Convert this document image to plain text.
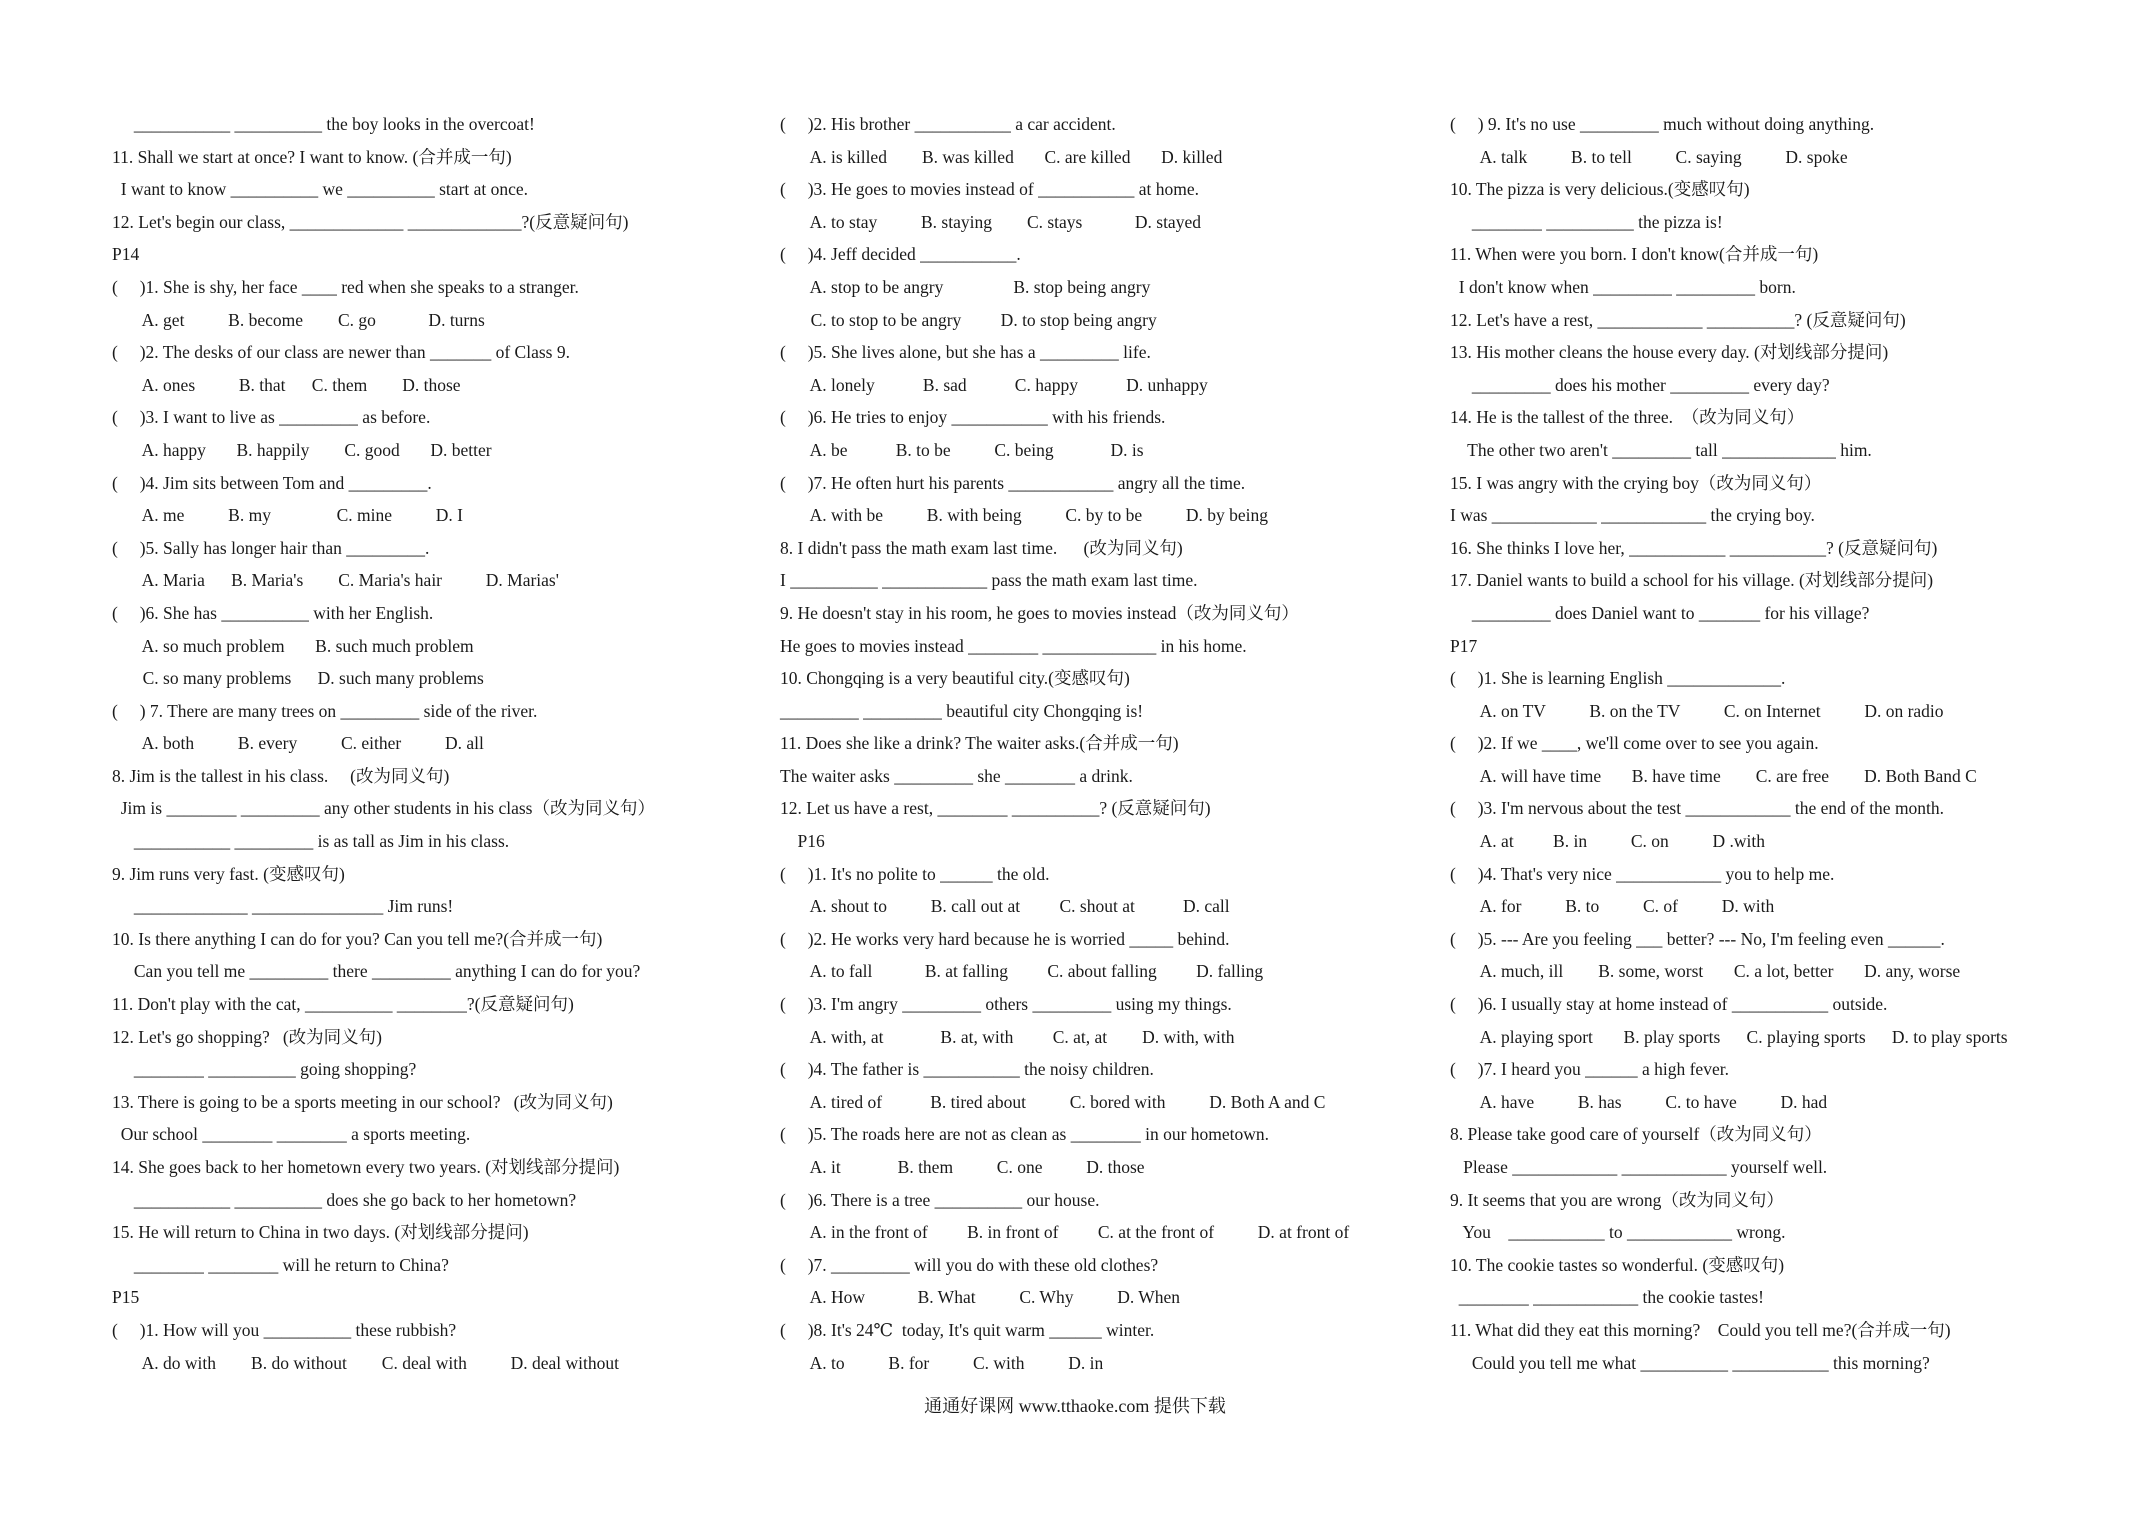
___________ __________ the boy looks in the overcoat!
11. Shall we start at once? I want to know. (合并成一句)
I want to know __________ we __________ start at once.
12. Let's begin our class, _____________ _____________?(反意疑问句)
P14
(     )1. She is shy, her face ____ red when she speaks to a stranger.
A. get          B. become        C. go            D. turns
(     )2. The desks of our class are newer than _______ of Class 9.
A. ones          B. that      C. them        D. those
(     )3. I want to live as _________ as before.
A. happy       B. happily        C. good       D. better
(     )4. Jim sits between Tom and _________.
A. me          B. my               C. mine          D. I
(     )5. Sally has longer hair than _________.
A. Maria      B. Maria's        C. Maria's hair          D. Marias'
(     )6. She has __________ with her English.
A. so much problem       B. such much problem
C. so many problems      D. such many problems
(     ) 7. There are many trees on _________ side of the river.
A. both          B. every          C. either          D. all
8. Jim is the tallest in his class.     (改为同义句)
Jim is ________ _________ any other students in his class（改为同义句）
___________ _________ is as tall as Jim in his class.
9. Jim runs very fast. (变感叹句)
_____________ _______________ Jim runs!
10. Is there anything I can do for you? Can you tell me?(合并成一句)
Can you tell me _________ there _________ anything I can do for you?
11. Don't play with the cat, __________ ________?(反意疑问句)
12. Let's go shopping?   (改为同义句)
________ __________ going shopping?
13. There is going to be a sports meeting in our school?   (改为同义句)
Our school ________ ________ a sports meeting.
14. She goes back to her hometown every two years. (对划线部分提问)
___________ __________ does she go back to her hometown?
15. He will return to China in two days. (对划线部分提问)
________ ________ will he return to China?
P15
(     )1. How will you __________ these rubbish?
A. do with        B. do without        C. deal with          D. deal without
(     )2. His brother ___________ a car accident.
A. is killed        B. was killed       C. are killed       D. killed
(     )3. He goes to movies instead of ___________ at home.
A. to stay          B. staying        C. stays            D. stayed
(     )4. Jeff decided ___________.
A. stop to be angry                B. stop being angry
C. to stop to be angry         D. to stop being angry
(     )5. She lives alone, but she has a _________ life.
A. lonely           B. sad           C. happy           D. unhappy
(     )6. He tries to enjoy ___________ with his friends.
A. be           B. to be          C. being             D. is
(     )7. He often hurt his parents ____________ angry all the time.
A. with be          B. with being          C. by to be          D. by being
8. I didn't pass the math exam last time.      (改为同义句)
I __________ ____________ pass the math exam last time.
9. He doesn't stay in his room, he goes to movies instead（改为同义句）
He goes to movies instead ________ _____________ in his home.
10. Chongqing is a very beautiful city.(变感叹句)
_________ _________ beautiful city Chongqing is!
11. Does she like a drink? The waiter asks.(合并成一句)
The waiter asks _________ she ________ a drink.
12. Let us have a rest, ________ __________? (反意疑问句)
P16
(     )1. It's no polite to ______ the old.
A. shout to          B. call out at         C. shout at           D. call
(     )2. He works very hard because he is worried _____ behind.
A. to fall            B. at falling         C. about falling         D. falling
(     )3. I'm angry _________ others _________ using my things.
A. with, at             B. at, with         C. at, at        D. with, with
(     )4. The father is ___________ the noisy children.
A. tired of           B. tired about          C. bored with          D. Both A and C
(     )5. The roads here are not as clean as ________ in our hometown.
A. it             B. them          C. one          D. those
(     )6. There is a tree __________ our house.
A. in the front of         B. in front of         C. at the front of          D. at front of
(     )7. _________ will you do with these old clothes?
A. How            B. What          C. Why          D. When
(     )8. It's 24℃  today, It's quit warm ______ winter.
A. to          B. for          C. with          D. in
(     ) 9. It's no use _________ much without doing anything.
A. talk          B. to tell          C. saying          D. spoke
10. The pizza is very delicious.(变感叹句)
________ __________ the pizza is!
11. When were you born. I don't know(合并成一句)
I don't know when _________ _________ born.
12. Let's have a rest, ____________ __________? (反意疑问句)
13. His mother cleans the house every day. (对划线部分提问)
_________ does his mother _________ every day?
14. He is the tallest of the three.  （改为同义句）
The other two aren't _________ tall _____________ him.
15. I was angry with the crying boy（改为同义句）
I was ____________ ____________ the crying boy.
16. She thinks I love her, ___________ ___________? (反意疑问句)
17. Daniel wants to build a school for his village. (对划线部分提问)
_________ does Daniel want to _______ for his village?
P17
(     )1. She is learning English _____________.
A. on TV          B. on the TV          C. on Internet          D. on radio
(     )2. If we ____, we'll come over to see you again.
A. will have time       B. have time        C. are free        D. Both Band C
(     )3. I'm nervous about the test ____________ the end of the month.
A. at         B. in          C. on          D .with
(     )4. That's very nice ____________ you to help me.
A. for          B. to          C. of          D. with
(     )5. --- Are you feeling ___ better? --- No, I'm feeling even ______.
A. much, ill        B. some, worst       C. a lot, better       D. any, worse
(     )6. I usually stay at home instead of ___________ outside.
A. playing sport       B. play sports      C. playing sports      D. to play sports
(     )7. I heard you ______ a high fever.
A. have          B. has          C. to have          D. had
8. Please take good care of yourself（改为同义句）
Please ____________ ____________ yourself well.
9. It seems that you are wrong（改为同义句）
You    ___________ to ____________ wrong.
10. The cookie tastes so wonderful. (变感叹句)
________ ____________ the cookie tastes!
11. What did they eat this morning?    Could you tell me?(合并成一句)
Could you tell me what __________ ___________ this morning?
通通好课网 www.tthaoke.com 提供下载
